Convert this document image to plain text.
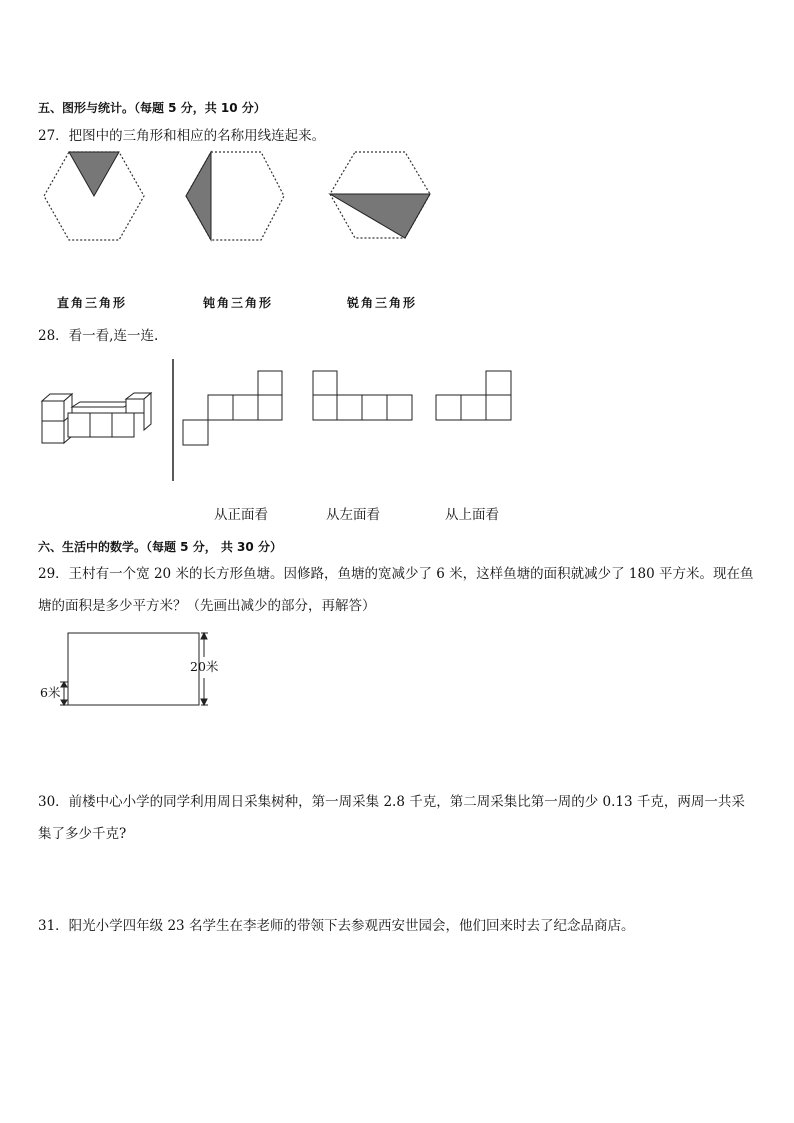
五、图形与统计。（每题 5 分，共 10 分）
27．把图中的三角形和相应的名称用线连起来。
直角三角形	钝角三角形	锐角三角形
28．看一看,连一连.
从正面看	从左面看	从上面看
六、生活中的数学。（每题 5 分， 共 30 分）
29．王村有一个宽 20 米的长方形鱼塘。因修路，鱼塘的宽减少了 6 米，这样鱼塘的面积就减少了 180 平方米。现在鱼
塘的面积是多少平方米？（先画出减少的部分，再解答）
20米
6米
30．前楼中心小学的同学利用周日采集树种，第一周采集 2.8 千克，第二周采集比第一周的少 0.13 千克，两周一共采
集了多少千克?
31．阳光小学四年级 23 名学生在李老师的带领下去参观西安世园会，他们回来时去了纪念品商店。
